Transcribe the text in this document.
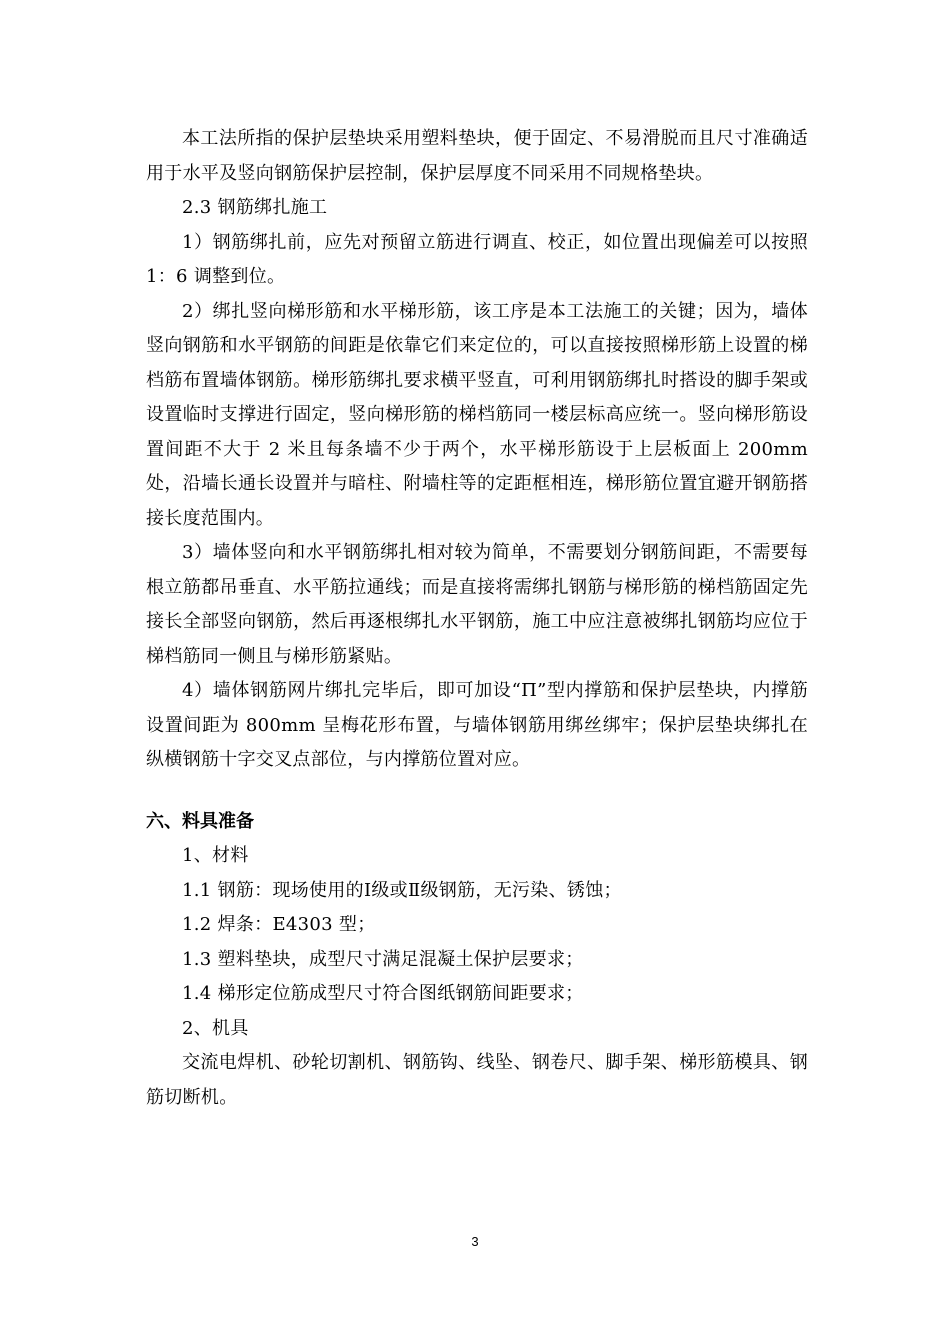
本工法所指的保护层垫块采用塑料垫块，便于固定、不易滑脱而且尺寸准确适用于水平及竖向钢筋保护层控制，保护层厚度不同采用不同规格垫块。

2.3 钢筋绑扎施工

1）钢筋绑扎前，应先对预留立筋进行调直、校正，如位置出现偏差可以按照 1：6 调整到位。

2）绑扎竖向梯形筋和水平梯形筋，该工序是本工法施工的关键；因为，墙体竖向钢筋和水平钢筋的间距是依靠它们来定位的，可以直接按照梯形筋上设置的梯档筋布置墙体钢筋。梯形筋绑扎要求横平竖直，可利用钢筋绑扎时搭设的脚手架或设置临时支撑进行固定，竖向梯形筋的梯档筋同一楼层标高应统一。竖向梯形筋设置间距不大于 2 米且每条墙不少于两个，水平梯形筋设于上层板面上 200mm 处，沿墙长通长设置并与暗柱、附墙柱等的定距框相连，梯形筋位置宜避开钢筋搭接长度范围内。

3）墙体竖向和水平钢筋绑扎相对较为简单，不需要划分钢筋间距，不需要每根立筋都吊垂直、水平筋拉通线；而是直接将需绑扎钢筋与梯形筋的梯档筋固定先接长全部竖向钢筋，然后再逐根绑扎水平钢筋，施工中应注意被绑扎钢筋均应位于梯档筋同一侧且与梯形筋紧贴。

4）墙体钢筋网片绑扎完毕后，即可加设“Π”型内撑筋和保护层垫块，内撑筋设置间距为 800mm 呈梅花形布置，与墙体钢筋用绑丝绑牢；保护层垫块绑扎在纵横钢筋十字交叉点部位，与内撑筋位置对应。

六、料具准备

1、材料

1.1 钢筋：现场使用的Ⅰ级或Ⅱ级钢筋，无污染、锈蚀；

1.2 焊条：E4303 型；

1.3 塑料垫块，成型尺寸满足混凝土保护层要求；

1.4 梯形定位筋成型尺寸符合图纸钢筋间距要求；

2、机具

交流电焊机、砂轮切割机、钢筋钩、线坠、钢卷尺、脚手架、梯形筋模具、钢筋切断机。

3
